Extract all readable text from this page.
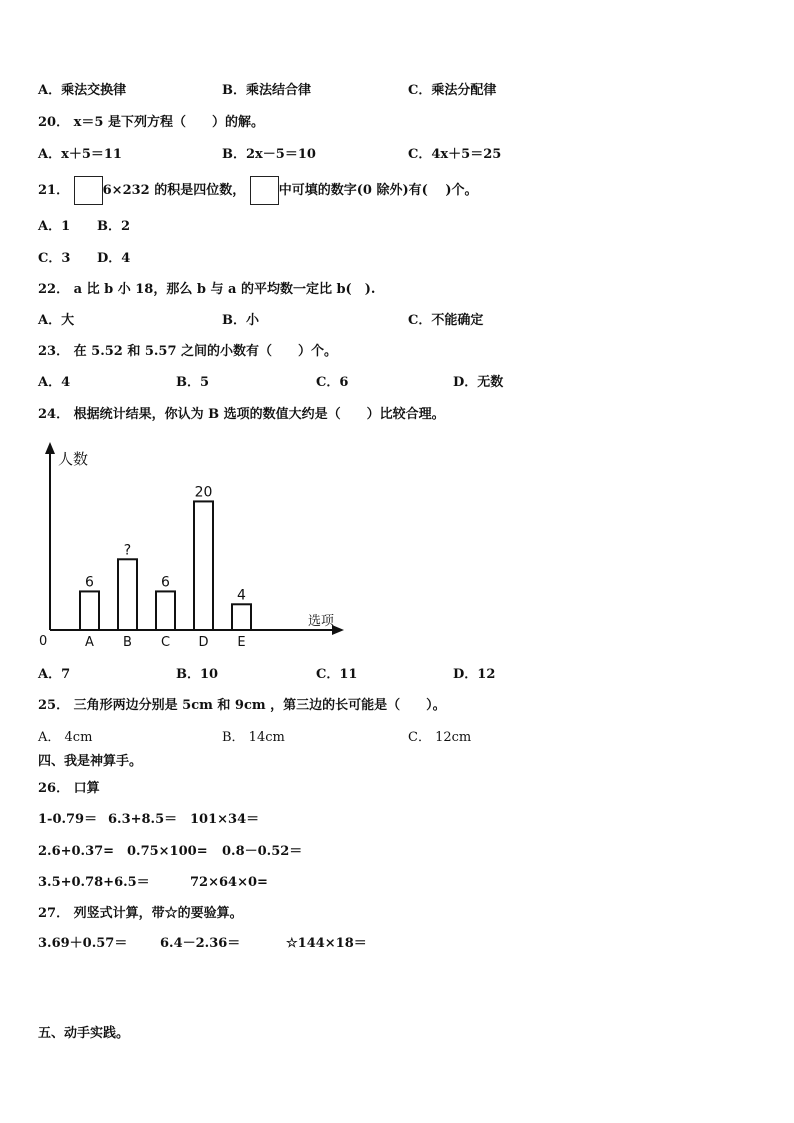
A．乘法交换律	B．乘法结合律	C．乘法分配律
20． x＝5 是下列方程（　　）的解。
A．x＋5＝11	B．2x－5＝10	C．4x＋5＝25
21．	6×232 的积是四位数，	中可填的数字(0 除外)有(　 )个。
A．1 B．2
C．3 D．4
22． a 比 b 小 18，那么 b 与 a 的平均数一定比 b(　).
A．大	B．小	C．不能确定
23． 在 5.52 和 5.57 之间的小数有（　　）个。
A．4	B．5	C．6	D．无数
24． 根据统计结果，你认为 B 选项的数值大约是（　　）比较合理。
人数
选项
0
6
A
?
B
6
C
20
D
4
E
A．7	B．10	C．11	D．12
25． 三角形两边分别是 5cm 和 9cm ，第三边的长可能是（　　）。
A． 4cm	B． 14cm	C． 12cm
四、我是神算手。
26． 口算
1-0.79＝ 6.3+8.5＝ 101×34＝
2.6+0.37= 0.75×100= 0.8－0.52＝
3.5+0.78+6.5＝	72×64×0=
27． 列竖式计算，带☆的要验算。
3.69＋0.57＝	6.4－2.36＝	☆144×18＝
五、动手实践。
